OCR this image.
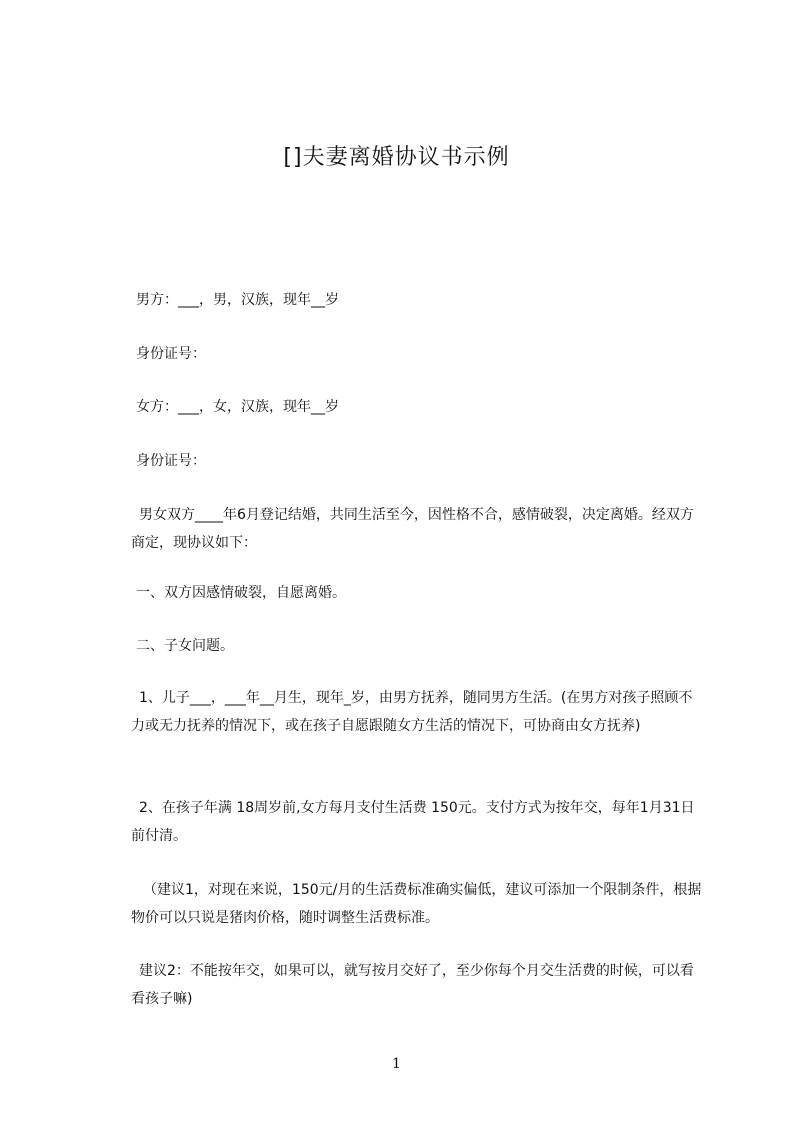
[]夫妻离婚协议书示例
男方：___，男，汉族，现年__岁
身份证号：
女方：___，女，汉族，现年__岁
身份证号：
男女双方____年6月登记结婚，共同生活至今，因性格不合，感情破裂，决定离婚。经双方商定，现协议如下：
一、双方因感情破裂，自愿离婚。
二、子女问题。
1、儿子___，___年__月生，现年_岁，由男方抚养，随同男方生活。(在男方对孩子照顾不力或无力抚养的情况下，或在孩子自愿跟随女方生活的情况下，可协商由女方抚养)
2、在孩子年满 18周岁前,女方每月支付生活费 150元。支付方式为按年交，每年1月31日前付清。
（建议1，对现在来说，150元/月的生活费标准确实偏低，建议可添加一个限制条件，根据物价可以只说是猪肉价格，随时调整生活费标准。
建议2：不能按年交，如果可以，就写按月交好了，至少你每个月交生活费的时候，可以看看孩子嘛)
1
